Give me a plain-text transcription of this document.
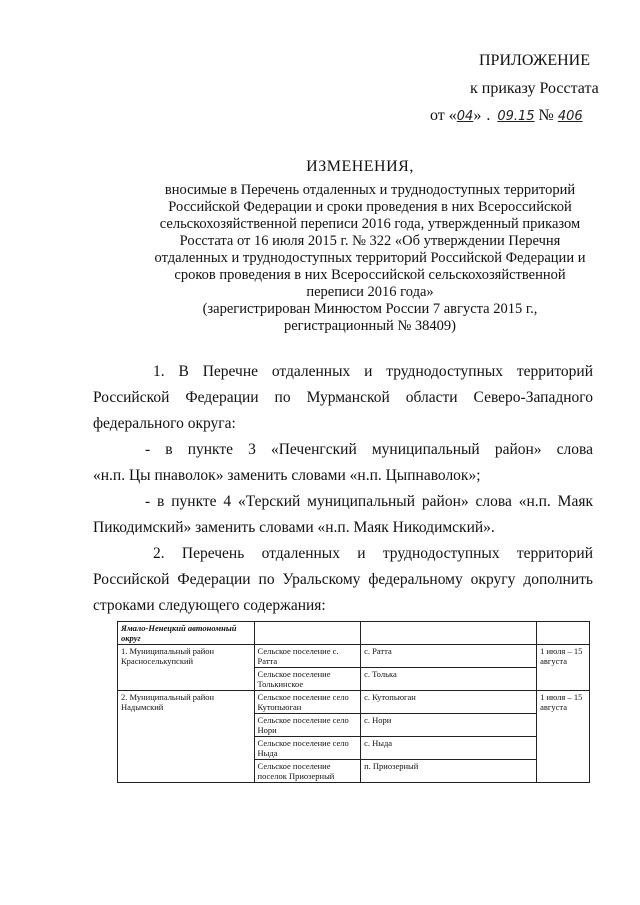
ПРИЛОЖЕНИЕ
к приказу Росстата
от «04» . 09.15 № 406
ИЗМЕНЕНИЯ,
вносимые в Перечень отдаленных и труднодоступных территорий
Российской Федерации и сроки проведения в них Всероссийской
сельскохозяйственной переписи 2016 года, утвержденный приказом
Росстата от 16 июля 2015 г. № 322 «Об утверждении Перечня
отдаленных и труднодоступных территорий Российской Федерации и
сроков проведения в них Всероссийской сельскохозяйственной
переписи 2016 года»
(зарегистрирован Минюстом России 7 августа 2015 г.,
регистрационный № 38409)
1. В Перечне отдаленных и труднодоступных территорий
Российской Федерации по Мурманской области Северо-Западного
федерального округа:
- в пункте 3 «Печенгский муниципальный район» слова
«н.п. Цы пнаволок» заменить словами «н.п. Цыпнаволок»;
- в пункте 4 «Терский муниципальный район» слова «н.п. Маяк
Пикодимский» заменить словами «н.п. Маяк Никодимский».
2. Перечень отдаленных и труднодоступных территорий
Российской Федерации по Уральскому федеральному округу дополнить
строками следующего содержания:
Ямало-Ненецкий автономный округ			
1. Муниципальный район Красноселькупский	Сельское поселение с. Ратта	с. Ратта	1 июля – 15 августа
	Сельское поселение Толькинское	с. Толька	
2. Муниципальный район Надымский	Сельское поселение село Кутопьюган	с. Кутопьюган	1 июля – 15 августа
	Сельское поселение село Нори	с. Нори	
	Сельское поселение село Ныда	с. Ныда	
	Сельское поселение поселок Приозерный	п. Приозерный	
